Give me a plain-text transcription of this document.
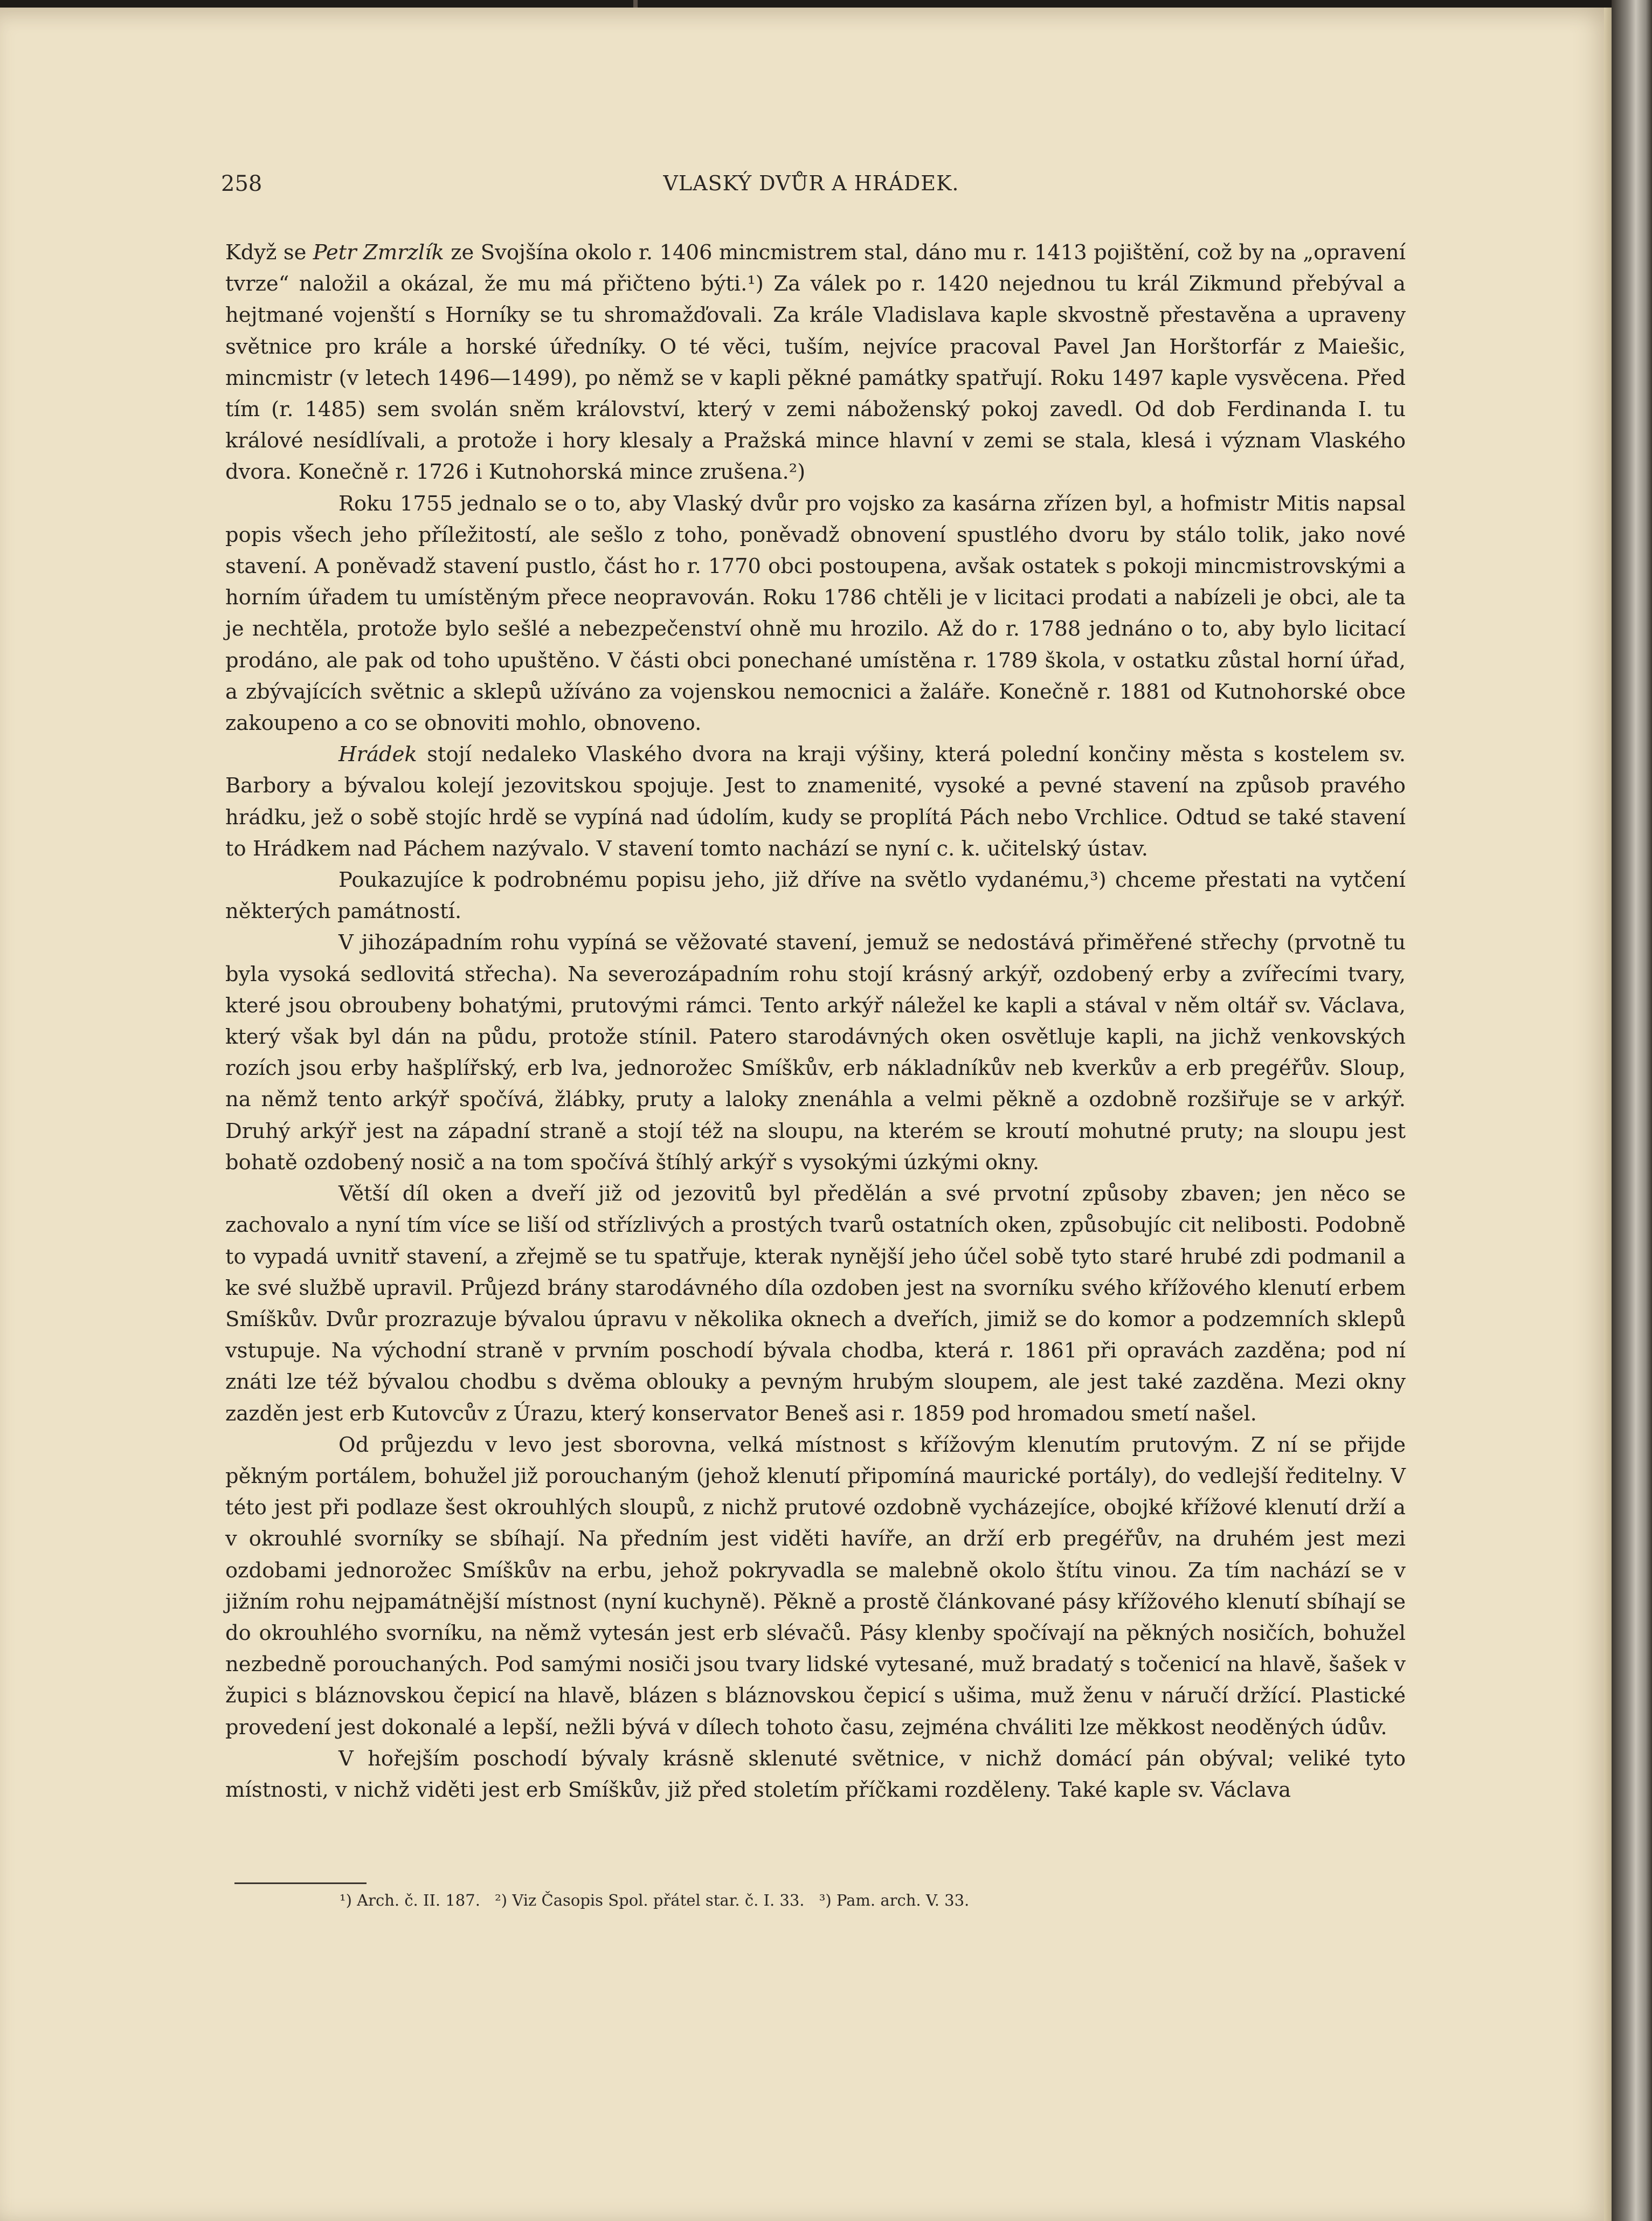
258	VLASKÝ DVŮR A HRÁDEK.

Když se Petr Zmrzlík ze Svojšína okolo r. 1406 mincmistrem stal, dáno mu r. 1413 pojištění, což by na „opravení tvrze“ naložil a okázal, že mu má přičteno býti.¹) Za válek po r. 1420 nejednou tu král Zikmund přebýval a hejtmané vojenští s Horníky se tu shromažďovali. Za krále Vladislava kaple skvostně přestavěna a upraveny světnice pro krále a horské úředníky. O té věci, tuším, nejvíce pracoval Pavel Jan Horštorfár z Maiešic, mincmistr (v letech 1496—1499), po němž se v kapli pěkné památky spatřují. Roku 1497 kaple vysvěcena. Před tím (r. 1485) sem svolán sněm království, který v zemi náboženský pokoj zavedl. Od dob Ferdinanda I. tu králové nesídlívali, a protože i hory klesaly a Pražská mince hlavní v zemi se stala, klesá i význam Vlaského dvora. Konečně r. 1726 i Kutnohorská mince zrušena.²)

Roku 1755 jednalo se o to, aby Vlaský dvůr pro vojsko za kasárna zřízen byl, a hofmistr Mitis napsal popis všech jeho příležitostí, ale sešlo z toho, poněvadž obnovení spustlého dvoru by stálo tolik, jako nové stavení. A poněvadž stavení pustlo, část ho r. 1770 obci postoupena, avšak ostatek s pokoji mincmistrovskými a horním úřadem tu umístěným přece neopravován. Roku 1786 chtěli je v licitaci prodati a nabízeli je obci, ale ta je nechtěla, protože bylo sešlé a nebezpečenství ohně mu hrozilo. Až do r. 1788 jednáno o to, aby bylo licitací prodáno, ale pak od toho upuštěno. V části obci ponechané umístěna r. 1789 škola, v ostatku zůstal horní úřad, a zbývajících světnic a sklepů užíváno za vojenskou nemocnici a žaláře. Konečně r. 1881 od Kutnohorské obce zakoupeno a co se obnoviti mohlo, obnoveno.

Hrádek stojí nedaleko Vlaského dvora na kraji výšiny, která polední končiny města s kostelem sv. Barbory a bývalou kolejí jezovitskou spojuje. Jest to znamenité, vysoké a pevné stavení na způsob pravého hrádku, jež o sobě stojíc hrdě se vypíná nad údolím, kudy se proplítá Pách nebo Vrchlice. Odtud se také stavení to Hrádkem nad Páchem nazývalo. V stavení tomto nachází se nyní c. k. učitelský ústav.

Poukazujíce k podrobnému popisu jeho, již dříve na světlo vydanému,³) chceme přestati na vytčení některých památností.

V jihozápadním rohu vypíná se věžovaté stavení, jemuž se nedostává přiměřené střechy (prvotně tu byla vysoká sedlovitá střecha). Na severozápadním rohu stojí krásný arkýř, ozdobený erby a zvířecími tvary, které jsou obroubeny bohatými, prutovými rámci. Tento arkýř náležel ke kapli a stával v něm oltář sv. Václava, který však byl dán na půdu, protože stínil. Patero starodávných oken osvětluje kapli, na jichž venkovských rozích jsou erby hašplířský, erb lva, jednorožec Smíškův, erb nákladníkův neb kverkův a erb pregéřův. Sloup, na němž tento arkýř spočívá, žlábky, pruty a laloky znenáhla a velmi pěkně a ozdobně rozšiřuje se v arkýř. Druhý arkýř jest na západní straně a stojí též na sloupu, na kterém se kroutí mohutné pruty; na sloupu jest bohatě ozdobený nosič a na tom spočívá štíhlý arkýř s vysokými úzkými okny.

Větší díl oken a dveří již od jezovitů byl předělán a své prvotní způsoby zbaven; jen něco se zachovalo a nyní tím více se liší od střízlivých a prostých tvarů ostatních oken, způsobujíc cit nelibosti. Podobně to vypadá uvnitř stavení, a zřejmě se tu spatřuje, kterak nynější jeho účel sobě tyto staré hrubé zdi podmanil a ke své službě upravil. Průjezd brány starodávného díla ozdoben jest na svorníku svého křížového klenutí erbem Smíškův. Dvůr prozrazuje bývalou úpravu v několika oknech a dveřích, jimiž se do komor a podzemních sklepů vstupuje. Na východní straně v prvním poschodí bývala chodba, která r. 1861 při opravách zazděna; pod ní znáti lze též bývalou chodbu s dvěma oblouky a pevným hrubým sloupem, ale jest také zazděna. Mezi okny zazděn jest erb Kutovcův z Úrazu, který konservator Beneš asi r. 1859 pod hromadou smetí našel.

Od průjezdu v levo jest sborovna, velká místnost s křížovým klenutím prutovým. Z ní se přijde pěkným portálem, bohužel již porouchaným (jehož klenutí připomíná maurické portály), do vedlejší ředitelny. V této jest při podlaze šest okrouhlých sloupů, z nichž prutové ozdobně vycházejíce, obojké křížové klenutí drží a v okrouhlé svorníky se sbíhají. Na předním jest viděti havíře, an drží erb pregéřův, na druhém jest mezi ozdobami jednorožec Smíškův na erbu, jehož pokryvadla se malebně okolo štítu vinou. Za tím nachází se v jižním rohu nejpamátnější místnost (nyní kuchyně). Pěkně a prostě článkované pásy křížového klenutí sbíhají se do okrouhlého svorníku, na němž vytesán jest erb slévačů. Pásy klenby spočívají na pěkných nosičích, bohužel nezbedně porouchaných. Pod samými nosiči jsou tvary lidské vytesané, muž bradatý s točenicí na hlavě, šašek v župici s bláznovskou čepicí na hlavě, blázen s bláznovskou čepicí s ušima, muž ženu v náručí držící. Plastické provedení jest dokonalé a lepší, nežli bývá v dílech tohoto času, zejména chváliti lze měkkost neoděných údův.

V hořejším poschodí bývaly krásně sklenuté světnice, v nichž domácí pán obýval; veliké tyto místnosti, v nichž viděti jest erb Smíškův, již před stoletím příčkami rozděleny. Také kaple sv. Václava

¹) Arch. č. II. 187. ²) Viz Časopis Spol. přátel star. č. I. 33. ³) Pam. arch. V. 33.
